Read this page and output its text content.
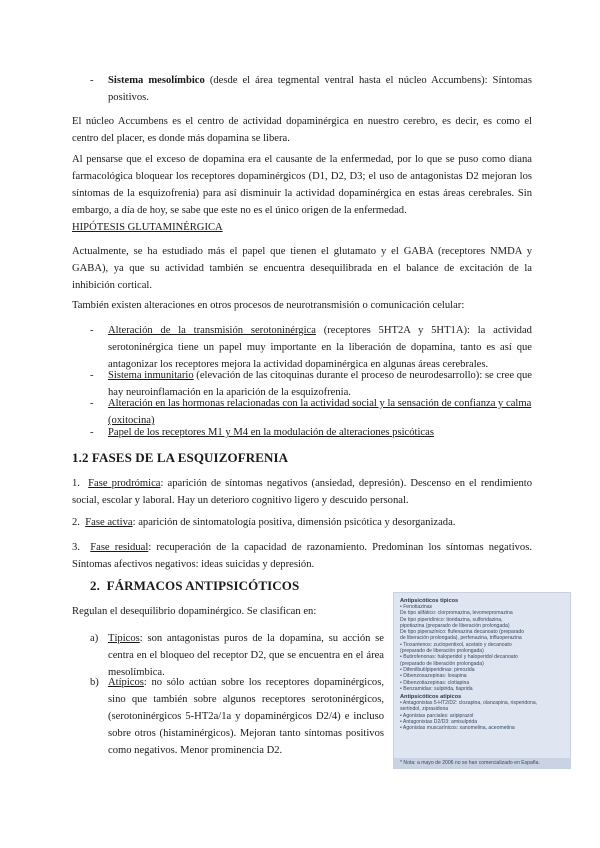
- Sistema mesolímbico (desde el área tegmental ventral hasta el núcleo Accumbens): Síntomas positivos.

El núcleo Accumbens es el centro de actividad dopaminérgica en nuestro cerebro, es decir, es como el centro del placer, es donde más dopamina se libera.

Al pensarse que el exceso de dopamina era el causante de la enfermedad, por lo que se puso como diana farmacológica bloquear los receptores dopaminérgicos (D1, D2, D3; el uso de antagonistas D2 mejoran los síntomas de la esquizofrenia) para así disminuir la actividad dopaminérgica en estas áreas cerebrales. Sin embargo, a día de hoy, se sabe que este no es el único origen de la enfermedad.

HIPÓTESIS GLUTAMINÉRGICA

Actualmente, se ha estudiado más el papel que tienen el glutamato y el GABA (receptores NMDA y GABA), ya que su actividad también se encuentra desequilibrada en el balance de excitación de la inhibición cortical.

También existen alteraciones en otros procesos de neurotransmisión o comunicación celular:

- Alteración de la transmisión serotoninérgica (receptores 5HT2A y 5HT1A): la actividad serotoninérgica tiene un papel muy importante en la liberación de dopamina, tanto es así que antagonizar los receptores mejora la actividad dopaminérgica en algunas áreas cerebrales.

- Sistema inmunitario (elevación de las citoquinas durante el proceso de neurodesarrollo): se cree que hay neuroinflamación en la aparición de la esquizofrenia.

- Alteración en las hormonas relacionadas con la actividad social y la sensación de confianza y calma (oxitocina)

- Papel de los receptores M1 y M4 en la modulación de alteraciones psicóticas

1.2 FASES DE LA ESQUIZOFRENIA

1. Fase prodrómica: aparición de síntomas negativos (ansiedad, depresión). Descenso en el rendimiento social, escolar y laboral. Hay un deterioro cognitivo ligero y descuido personal.

2. Fase activa: aparición de sintomatología positiva, dimensión psicótica y desorganizada.

3. Fase residual: recuperación de la capacidad de razonamiento. Predominan los síntomas negativos. Síntomas afectivos negativos: ideas suicidas y depresión.

2. FÁRMACOS ANTIPSICÓTICOS

Regulan el desequilibrio dopaminérgico. Se clasifican en:

a) Típicos: son antagonistas puros de la dopamina, su acción se centra en el bloqueo del receptor D2, que se encuentra en el área mesolímbica.

b) Atípicos: no sólo actúan sobre los receptores dopaminérgicos, sino que también sobre algunos receptores serotoninérgicos, (serotoninérgicos 5-HT2a/1a y dopaminérgicos D2/4) e incluso sobre otros (histaminérgicos). Mejoran tanto síntomas positivos como negativos. Menor prominencia D2.

Antipsicóticos típicos
• Fenotiazinas
De tipo alifático: clorpromazina, levomepromazina
De tipo piperidínico: tioridazina, sulforidazina,
pipotiazina (preparado de liberación prolongada)
De tipo piperazínico: flufenazina decanoato (preparado
de liberación prolongada), perfenazina, trifluoperazina
• Tioxantenos: zuclopentixol, acetato y decanoato
(preparado de liberación prolongada)
• Butirofenonas: haloperidol y haloperidol decanoato
(preparado de liberación prolongada)
• Difenilbutilpiperidinas: pimozida
• Dibenzoxazepinas: loxapina
• Dibenzotiazepinas: clotiapina
• Benzamidas: sulpirida, tiaprida
Antipsicóticos atípicos
• Antagonistas 5-HT2/D2: clozapina, olanzapina, risperidona,
sertindol, ziprasidona
• Agonistas parciales: aripiprazol
• Antagonistas D2/D3: amisulprida
• Agonistas muscarínicos: xanomelina, aceometina
* Nota: a mayo de 2006 no se han comercializado en España.
